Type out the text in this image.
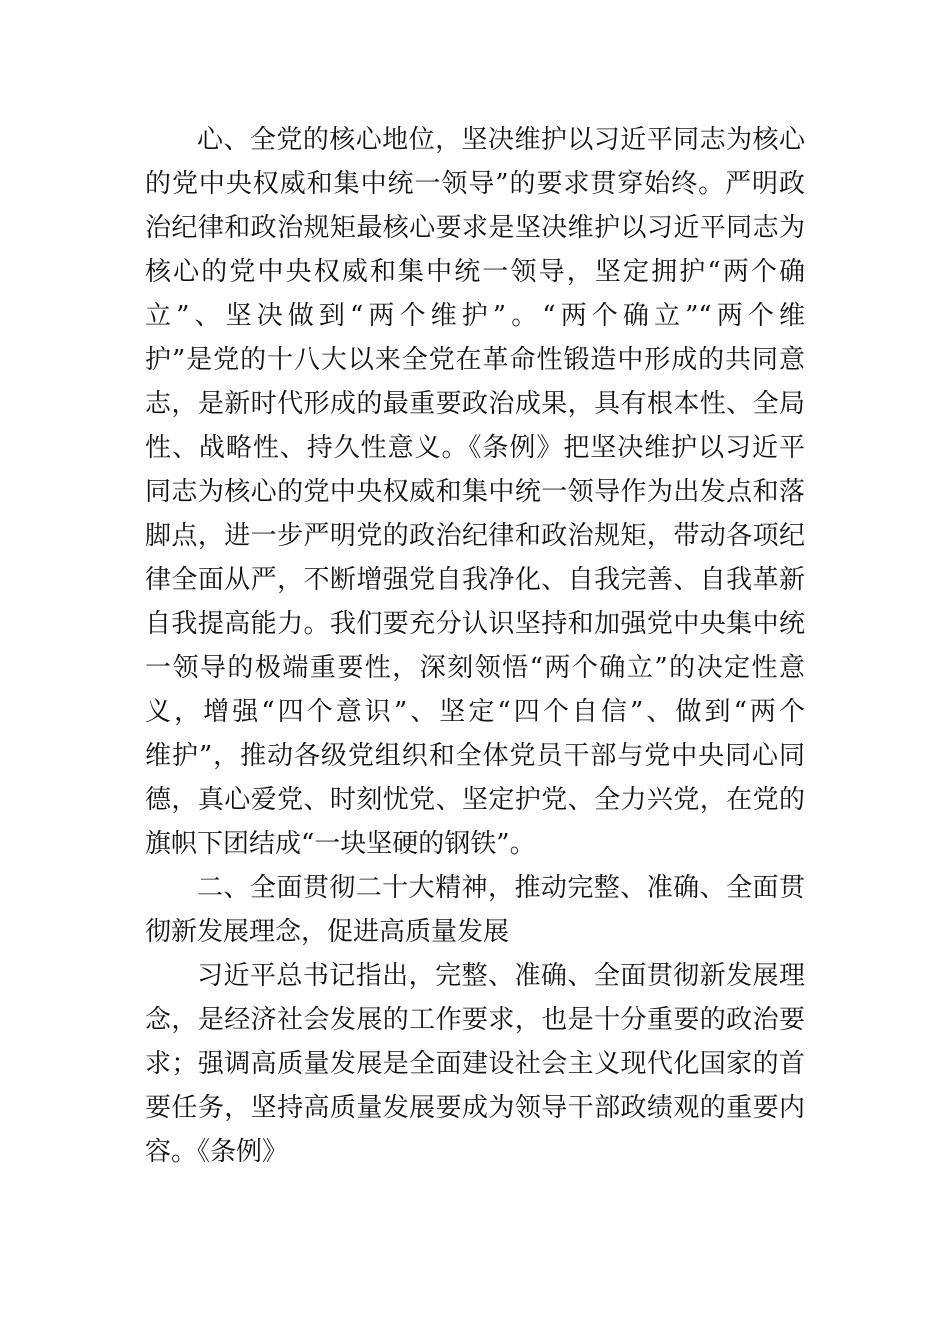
心、全党的核心地位，坚决维护以习近平同志为核心
的党中央权威和集中统一领导”的要求贯穿始终。严明政
治纪律和政治规矩最核心要求是坚决维护以习近平同志为
核心的党中央权威和集中统一领导，坚定拥护“两个确
立”、坚决做到“两个维护”。“两个确立”“两个维
护”是党的十八大以来全党在革命性锻造中形成的共同意
志，是新时代形成的最重要政治成果，具有根本性、全局
性、战略性、持久性意义。《条例》把坚决维护以习近平
同志为核心的党中央权威和集中统一领导作为出发点和落
脚点，进一步严明党的政治纪律和政治规矩，带动各项纪
律全面从严，不断增强党自我净化、自我完善、自我革新
自我提高能力。我们要充分认识坚持和加强党中央集中统
一领导的极端重要性，深刻领悟“两个确立”的决定性意
义，增强“四个意识”、坚定“四个自信”、做到“两个
维护”，推动各级党组织和全体党员干部与党中央同心同
德，真心爱党、时刻忧党、坚定护党、全力兴党，在党的
旗帜下团结成“一块坚硬的钢铁”。
二、全面贯彻二十大精神，推动完整、准确、全面贯
彻新发展理念，促进高质量发展
习近平总书记指出，完整、准确、全面贯彻新发展理
念，是经济社会发展的工作要求，也是十分重要的政治要
求；强调高质量发展是全面建设社会主义现代化国家的首
要任务，坚持高质量发展要成为领导干部政绩观的重要内
容。《条例》
